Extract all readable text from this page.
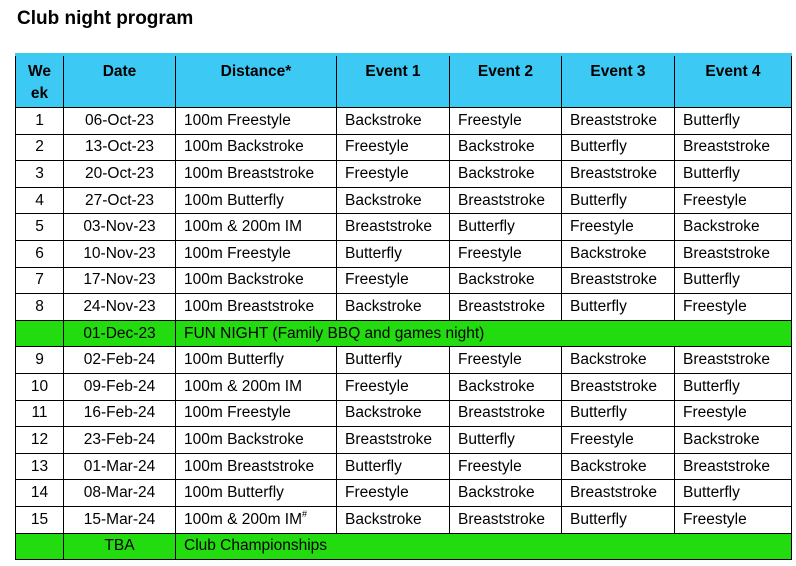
Club night program
We ek	Date	Distance*	Event 1	Event 2	Event 3	Event 4
1	06-Oct-23	100m Freestyle	Backstroke	Freestyle	Breaststroke	Butterfly
2	13-Oct-23	100m Backstroke	Freestyle	Backstroke	Butterfly	Breaststroke
3	20-Oct-23	100m Breaststroke	Freestyle	Backstroke	Breaststroke	Butterfly
4	27-Oct-23	100m Butterfly	Backstroke	Breaststroke	Butterfly	Freestyle
5	03-Nov-23	100m & 200m IM	Breaststroke	Butterfly	Freestyle	Backstroke
6	10-Nov-23	100m Freestyle	Butterfly	Freestyle	Backstroke	Breaststroke
7	17-Nov-23	100m Backstroke	Freestyle	Backstroke	Breaststroke	Butterfly
8	24-Nov-23	100m Breaststroke	Backstroke	Breaststroke	Butterfly	Freestyle
	01-Dec-23	FUN NIGHT (Family BBQ and games night)				
9	02-Feb-24	100m Butterfly	Butterfly	Freestyle	Backstroke	Breaststroke
10	09-Feb-24	100m & 200m IM	Freestyle	Backstroke	Breaststroke	Butterfly
11	16-Feb-24	100m Freestyle	Backstroke	Breaststroke	Butterfly	Freestyle
12	23-Feb-24	100m Backstroke	Breaststroke	Butterfly	Freestyle	Backstroke
13	01-Mar-24	100m Breaststroke	Butterfly	Freestyle	Backstroke	Breaststroke
14	08-Mar-24	100m Butterfly	Freestyle	Backstroke	Breaststroke	Butterfly
15	15-Mar-24	100m & 200m IM#	Backstroke	Breaststroke	Butterfly	Freestyle
	TBA	Club Championships				
